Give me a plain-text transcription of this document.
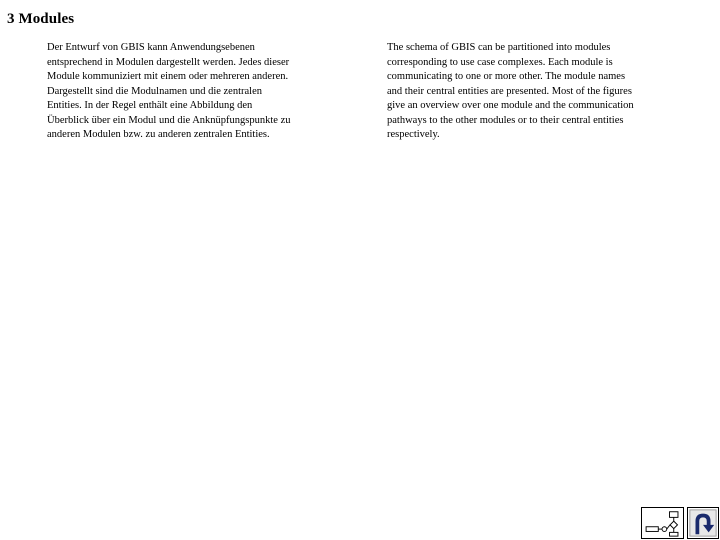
3 Modules
Der Entwurf von GBIS kann Anwendungsebenen
entsprechend in Modulen dargestellt werden. Jedes dieser
Module kommuniziert mit einem oder mehreren anderen.
Dargestellt sind die Modulnamen und die zentralen
Entities. In der Regel enthält eine Abbildung den
Überblick über ein Modul und die Anknüpfungspunkte zu
anderen Modulen bzw. zu anderen zentralen Entities.
The schema of GBIS can be partitioned into modules
corresponding to use case complexes. Each module is
communicating to one or more other. The module names
and their central entities are presented. Most of the figures
give an overview over one module and the communication
pathways to the other modules or to their central entities
respectively.
